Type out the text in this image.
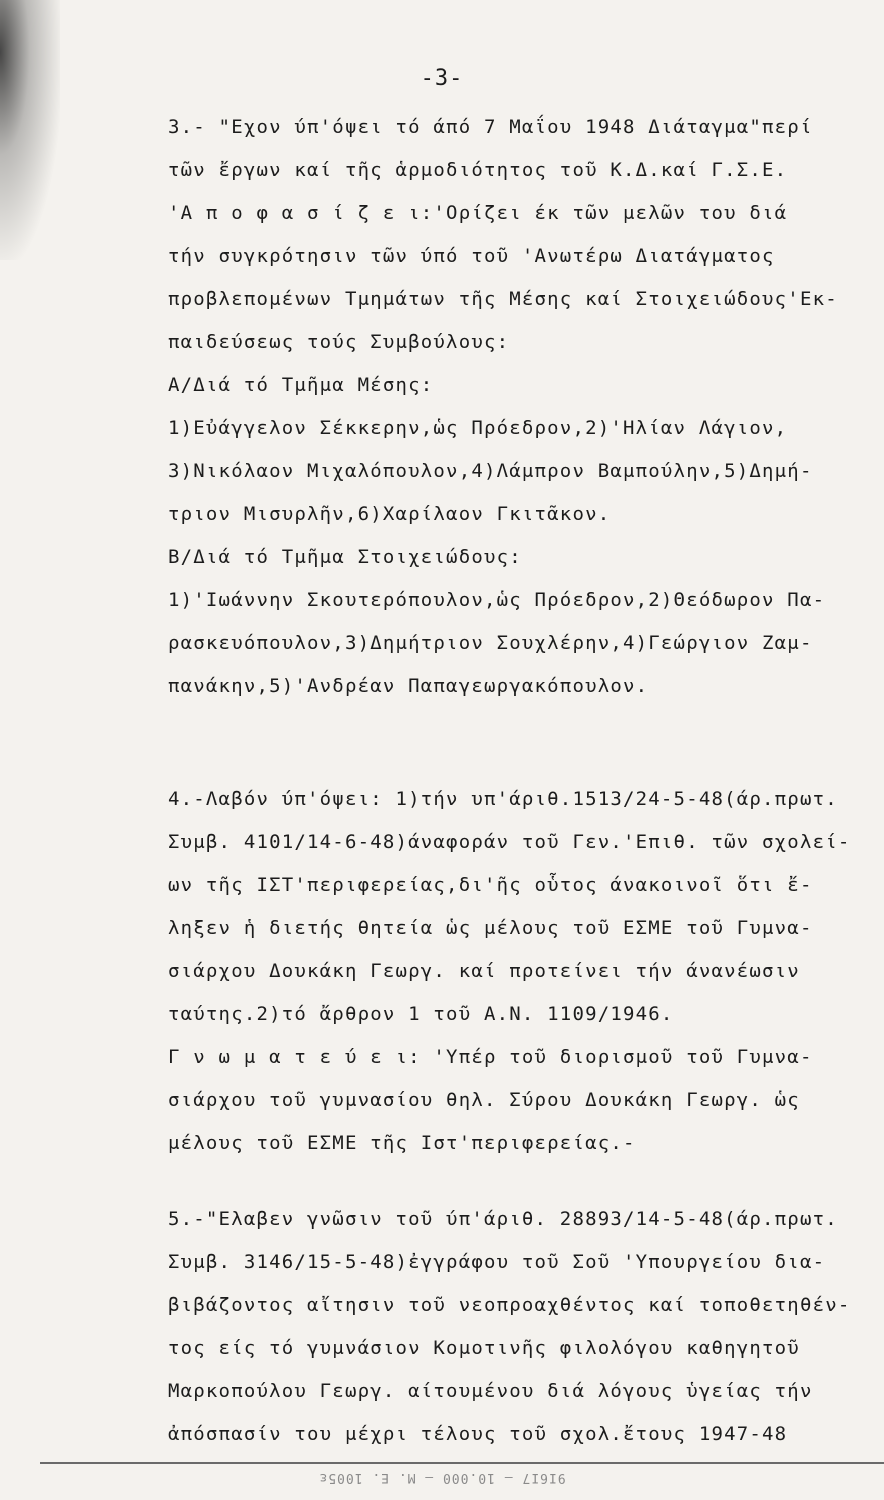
-3-
3.- "Εχον ύπ'όψει τό άπό 7 Μαΐου 1948 Διάταγμα"περί
τῶν ἔργων καί τῆς ἁρμοδιότητος τοῦ Κ.Δ.καί Γ.Σ.Ε.
'Α π ο φ α σ ί ζ ε ι:'Ορίζει έκ τῶν μελῶν του διά
τήν συγκρότησιν τῶν ύπό τοῦ 'Ανωτέρω Διατάγματος
προβλεπομένων Τμημάτων τῆς Μέσης καί Στοιχειώδους'Εκ-
παιδεύσεως τούς Συμβούλους:
Α/Διά τό Τμῆμα Μέσης:
1)Εὐάγγελον Σέκκερην,ὡς Πρόεδρον,2)'Ηλίαν Λάγιον,
3)Νικόλαον Μιχαλόπουλον,4)Λάμπρον Βαμπούλην,5)Δημή-
τριον Μισυρλῆν,6)Χαρίλαον Γκιτᾶκον.
Β/Διά τό Τμῆμα Στοιχειώδους:
1)'Ιωάννην Σκουτερόπουλον,ὡς Πρόεδρον,2)Θεόδωρον Πα-
ρασκευόπουλον,3)Δημήτριον Σουχλέρην,4)Γεώργιον Ζαμ-
πανάκην,5)'Ανδρέαν Παπαγεωργακόπουλον.
4.-Λαβόν ύπ'όψει: 1)τήν υπ'άριθ.1513/24-5-48(άρ.πρωτ.
Συμβ. 4101/14-6-48)άναφοράν τοῦ Γεν.'Επιθ. τῶν σχολεί-
ων τῆς ΙΣΤ'περιφερείας,δι'ῆς οὗτος άνακοινοῖ ὅτι ἔ-
ληξεν ἡ διετής θητεία ὡς μέλους τοῦ ΕΣΜΕ τοῦ Γυμνα-
σιάρχου Δουκάκη Γεωργ. καί προτείνει τήν άνανέωσιν
ταύτης.2)τό ἄρθρον 1 τοῦ Α.Ν. 1109/1946.
Γ ν ω μ α τ ε ύ ε ι: 'Υπέρ τοῦ διορισμοῦ τοῦ Γυμνα-
σιάρχου τοῦ γυμνασίου θηλ. Σύρου Δουκάκη Γεωργ. ὡς
μέλους τοῦ ΕΣΜΕ τῆς Ιστ'περιφερείας.-
5.-"Ελαβεν γνῶσιν τοῦ ύπ'άριθ. 28893/14-5-48(άρ.πρωτ.
Συμβ. 3146/15-5-48)ἐγγράφου τοῦ Σοῦ 'Υπουργείου δια-
βιβάζοντος αἴτησιν τοῦ νεοπροαχθέντος καί τοποθετηθέν-
τος είς τό γυμνάσιον Κομοτινῆς φιλολόγου καθηγητοῦ
Μαρκοπούλου Γεωργ. αίτουμένου διά λόγους ὑγείας τήν
ἀπόσπασίν του μέχρι τέλους τοῦ σχολ.ἔτους 1947-48
9Ι6Ι7 — 10.000 — Μ. Ε. 1005ε
